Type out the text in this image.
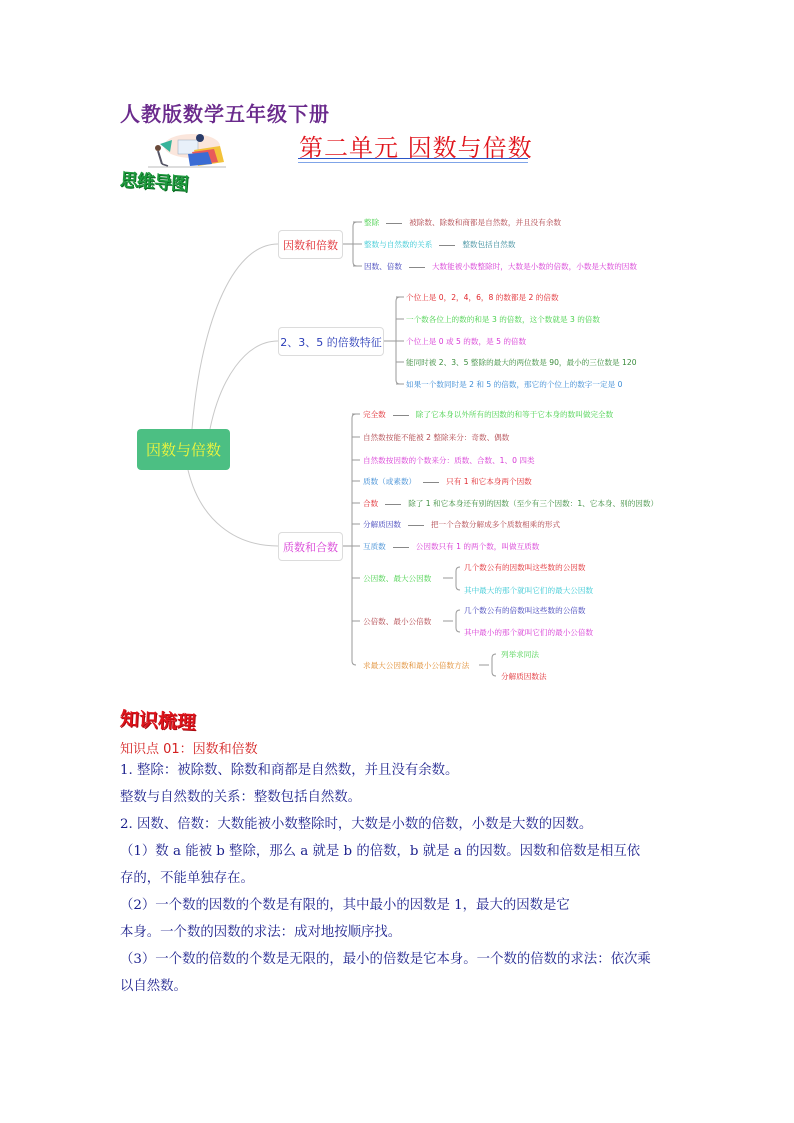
人教版数学五年级下册
第二单元 因数与倍数
思维导图
因数与倍数
因数和倍数
2、3、5 的倍数特征
质数和合数
整除	被除数、除数和商都是自然数，并且没有余数
整数与自然数的关系	整数包括自然数
因数、倍数	大数能被小数整除时，大数是小数的倍数，小数是大数的因数
个位上是 0，2，4，6，8 的数都是 2 的倍数
一个数各位上的数的和是 3 的倍数，这个数就是 3 的倍数
个位上是 0 或 5 的数，是 5 的倍数
能同时被 2、3、5 整除的最大的两位数是 90，最小的三位数是 120
如果一个数同时是 2 和 5 的倍数，那它的个位上的数字一定是 0
完全数	除了它本身以外所有的因数的和等于它本身的数叫做完全数
自然数按能不能被 2 整除来分：奇数、偶数
自然数按因数的个数来分：质数、合数、1、0 四类
质数（或素数）	只有 1 和它本身两个因数
合数	除了 1 和它本身还有别的因数（至少有三个因数：1、它本身、别的因数）
分解质因数	把一个合数分解成多个质数相乘的形式
互质数	公因数只有 1 的两个数，叫做互质数
公因数、最大公因数
几个数公有的因数叫这些数的公因数
其中最大的那个就叫它们的最大公因数
公倍数、最小公倍数
几个数公有的倍数叫这些数的公倍数
其中最小的那个就叫它们的最小公倍数
求最大公因数和最小公倍数方法
列举求同法
分解质因数法
知识梳理
知识点 01：因数和倍数
1. 整除：被除数、除数和商都是自然数，并且没有余数。
整数与自然数的关系：整数包括自然数。
2. 因数、倍数：大数能被小数整除时，大数是小数的倍数，小数是大数的因数。
（1）数 a 能被 b 整除，那么 a 就是 b 的倍数，b 就是 a 的因数。因数和倍数是相互依
存的，不能单独存在。
（2）一个数的因数的个数是有限的，其中最小的因数是 1，最大的因数是它
本身。一个数的因数的求法：成对地按顺序找。
（3）一个数的倍数的个数是无限的，最小的倍数是它本身。一个数的倍数的求法：依次乘
以自然数。
